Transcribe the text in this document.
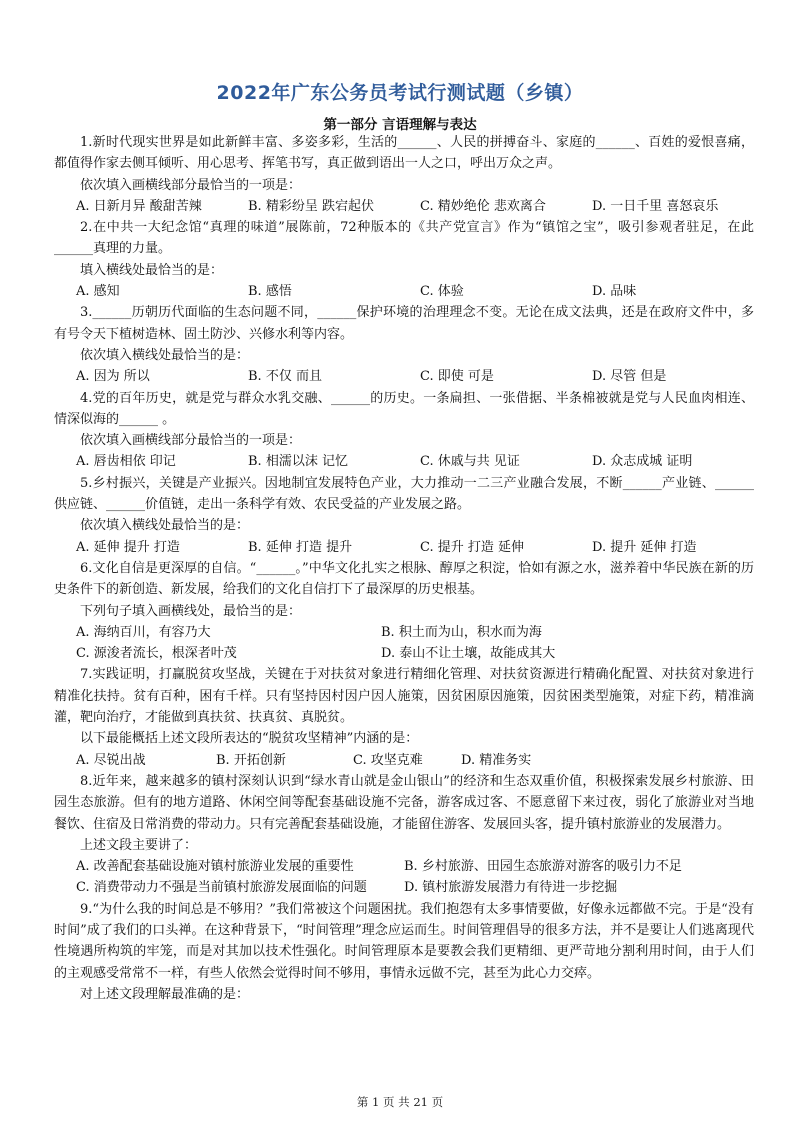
2022年广东公务员考试行测试题（乡镇）
第一部分 言语理解与表达

1.新时代现实世界是如此新鲜丰富、多姿多彩，生活的______、人民的拼搏奋斗、家庭的______、百姓的爱恨喜痛，都值得作家去侧耳倾听、用心思考、挥笔书写，真正做到语出一人之口，呼出万众之声。

依次填入画横线部分最恰当的一项是：

A. 日新月异 酸甜苦辣	B. 精彩纷呈 跌宕起伏	C. 精妙绝伦 悲欢离合	D. 一日千里 喜怒哀乐

2.在中共一大纪念馆“真理的味道”展陈前，72种版本的《共产党宣言》作为“镇馆之宝”，吸引参观者驻足，在此 ______真理的力量。

填入横线处最恰当的是：

A. 感知	B. 感悟	C. 体验	D. 品味

3.______历朝历代面临的生态问题不同，______保护环境的治理理念不变。无论在成文法典，还是在政府文件中，多有号令天下植树造林、固土防沙、兴修水利等内容。

依次填入横线处最恰当的是：

A. 因为 所以	B. 不仅 而且	C. 即使 可是	D. 尽管 但是

4.党的百年历史，就是党与群众水乳交融、______的历史。一条扁担、一张借据、半条棉被就是党与人民血肉相连、情深似海的______ 。

依次填入画横线部分最恰当的一项是：

A. 唇齿相依 印记	B. 相濡以沫 记忆	C. 休戚与共 见证	D. 众志成城 证明

5.乡村振兴，关键是产业振兴。因地制宜发展特色产业，大力推动一二三产业融合发展，不断______产业链、______供应链、______价值链，走出一条科学有效、农民受益的产业发展之路。

依次填入横线处最恰当的是：

A. 延伸 提升 打造	B. 延伸 打造 提升	C. 提升 打造 延伸	D. 提升 延伸 打造

6.文化自信是更深厚的自信。“______。”中华文化扎实之根脉、醇厚之积淀，恰如有源之水，滋养着中华民族在新的历史条件下的新创造、新发展，给我们的文化自信打下了最深厚的历史根基。

下列句子填入画横线处，最恰当的是：

A. 海纳百川，有容乃大	B. 积土而为山，积水而为海
C. 源浚者流长，根深者叶茂	D. 泰山不让土壤，故能成其大

7.实践证明，打赢脱贫攻坚战，关键在于对扶贫对象进行精细化管理、对扶贫资源进行精确化配置、对扶贫对象进行精准化扶持。贫有百种，困有千样。只有坚持因村因户因人施策，因贫困原因施策，因贫困类型施策，对症下药，精准滴灌，靶向治疗，才能做到真扶贫、扶真贫、真脱贫。

以下最能概括上述文段所表达的“脱贫攻坚精神”内涵的是：

A. 尽锐出战	B. 开拓创新	C. 攻坚克难	D. 精准务实

8.近年来，越来越多的镇村深刻认识到“绿水青山就是金山银山”的经济和生态双重价值，积极探索发展乡村旅游、田园生态旅游。但有的地方道路、休闲空间等配套基础设施不完备，游客成过客、不愿意留下来过夜，弱化了旅游业对当地餐饮、住宿及日常消费的带动力。只有完善配套基础设施，才能留住游客、发展回头客，提升镇村旅游业的发展潜力。

上述文段主要讲了：

A. 改善配套基础设施对镇村旅游业发展的重要性	B. 乡村旅游、田园生态旅游对游客的吸引力不足
C. 消费带动力不强是当前镇村旅游发展面临的问题	D. 镇村旅游发展潜力有待进一步挖掘

9.“为什么我的时间总是不够用？”我们常被这个问题困扰。我们抱怨有太多事情要做，好像永远都做不完。于是“没有时间”成了我们的口头禅。在这种背景下，“时间管理”理念应运而生。时间管理倡导的很多方法，并不是要让人们逃离现代性境遇所构筑的牢笼，而是对其加以技术性强化。时间管理原本是要教会我们更精细、更严苛地分割利用时间，由于人们的主观感受常常不一样，有些人依然会觉得时间不够用，事情永远做不完，甚至为此心力交瘁。

对上述文段理解最准确的是：

第 1 页 共 21 页
